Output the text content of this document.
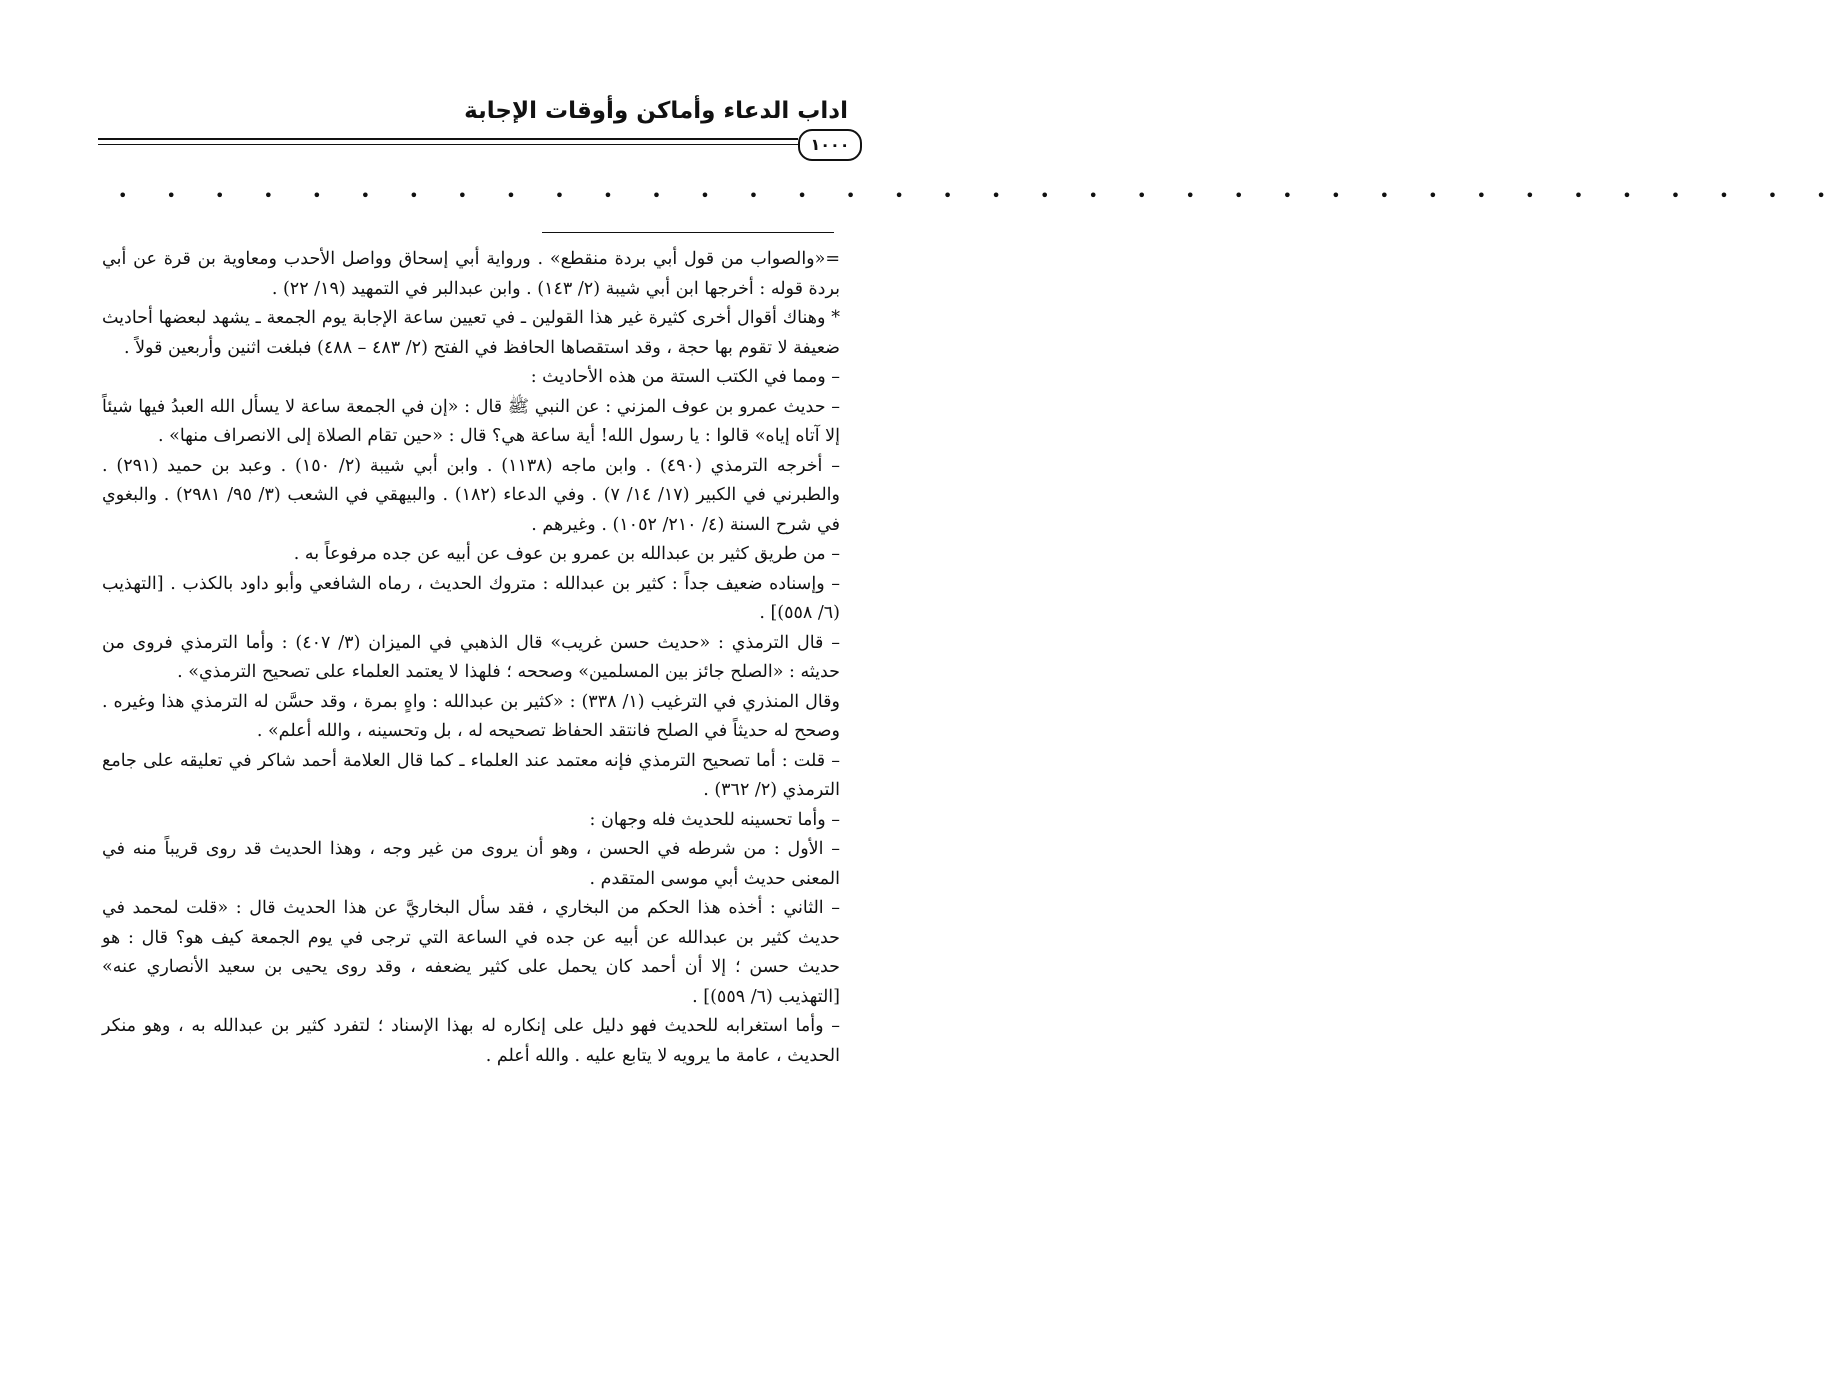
اداب الدعاء وأماكن وأوقات الإجابة
١٠٠٠
• • • • • • • • • • • • • • • • • • • • • • • • • • • • • • • • • • • •

=«والصواب من قول أبي بردة منقطع» . ورواية أبي إسحاق وواصل الأحدب ومعاوية بن قرة عن أبي بردة قوله : أخرجها ابن أبي شيبة (٢/ ١٤٣) . وابن عبدالبر في التمهيد (١٩/ ٢٢) .

* وهناك أقوال أخرى كثيرة غير هذا القولين ـ في تعيين ساعة الإجابة يوم الجمعة ـ يشهد لبعضها أحاديث ضعيفة لا تقوم بها حجة ، وقد استقصاها الحافظ في الفتح (٢/ ٤٨٣ – ٤٨٨) فبلغت اثنين وأربعين قولاً .

– ومما في الكتب الستة من هذه الأحاديث :

– حديث عمرو بن عوف المزني : عن النبي ﷺ قال : «إن في الجمعة ساعة لا يسأل الله العبدُ فيها شيئاً إلا آتاه إياه» قالوا : يا رسول الله! أية ساعة هي؟ قال : «حين تقام الصلاة إلى الانصراف منها» .

– أخرجه الترمذي (٤٩٠) . وابن ماجه (١١٣٨) . وابن أبي شيبة (٢/ ١٥٠) . وعبد بن حميد (٢٩١) . والطبرني في الكبير (١٧/ ١٤/ ٧) . وفي الدعاء (١٨٢) . والبيهقي في الشعب (٣/ ٩٥/ ٢٩٨١) . والبغوي في شرح السنة (٤/ ٢١٠/ ١٠٥٢) . وغيرهم .

– من طريق كثير بن عبدالله بن عمرو بن عوف عن أبيه عن جده مرفوعاً به .

– وإسناده ضعيف جداً : كثير بن عبدالله : متروك الحديث ، رماه الشافعي وأبو داود بالكذب . [التهذيب (٦/ ٥٥٨)] .

– قال الترمذي : «حديث حسن غريب» قال الذهبي في الميزان (٣/ ٤٠٧) : وأما الترمذي فروى من حديثه : «الصلح جائز بين المسلمين» وصححه ؛ فلهذا لا يعتمد العلماء على تصحيح الترمذي» .

وقال المنذري في الترغيب (١/ ٣٣٨) : «كثير بن عبدالله : واهٍ بمرة ، وقد حسَّن له الترمذي هذا وغيره . وصحح له حديثاً في الصلح فانتقد الحفاظ تصحيحه له ، بل وتحسينه ، والله أعلم» .

– قلت : أما تصحيح الترمذي فإنه معتمد عند العلماء ـ كما قال العلامة أحمد شاكر في تعليقه على جامع الترمذي (٢/ ٣٦٢) .

– وأما تحسينه للحديث فله وجهان :

– الأول : من شرطه في الحسن ، وهو أن يروى من غير وجه ، وهذا الحديث قد روى قريباً منه في المعنى حديث أبي موسى المتقدم .

– الثاني : أخذه هذا الحكم من البخاري ، فقد سأل البخاريَّ عن هذا الحديث قال : «قلت لمحمد في حديث كثير بن عبدالله عن أبيه عن جده في الساعة التي ترجى في يوم الجمعة كيف هو؟ قال : هو حديث حسن ؛ إلا أن أحمد كان يحمل على كثير يضعفه ، وقد روى يحيى بن سعيد الأنصاري عنه» [التهذيب (٦/ ٥٥٩)] .

– وأما استغرابه للحديث فهو دليل على إنكاره له بهذا الإسناد ؛ لتفرد كثير بن عبدالله به ، وهو منكر الحديث ، عامة ما يرويه لا يتابع عليه . والله أعلم .
